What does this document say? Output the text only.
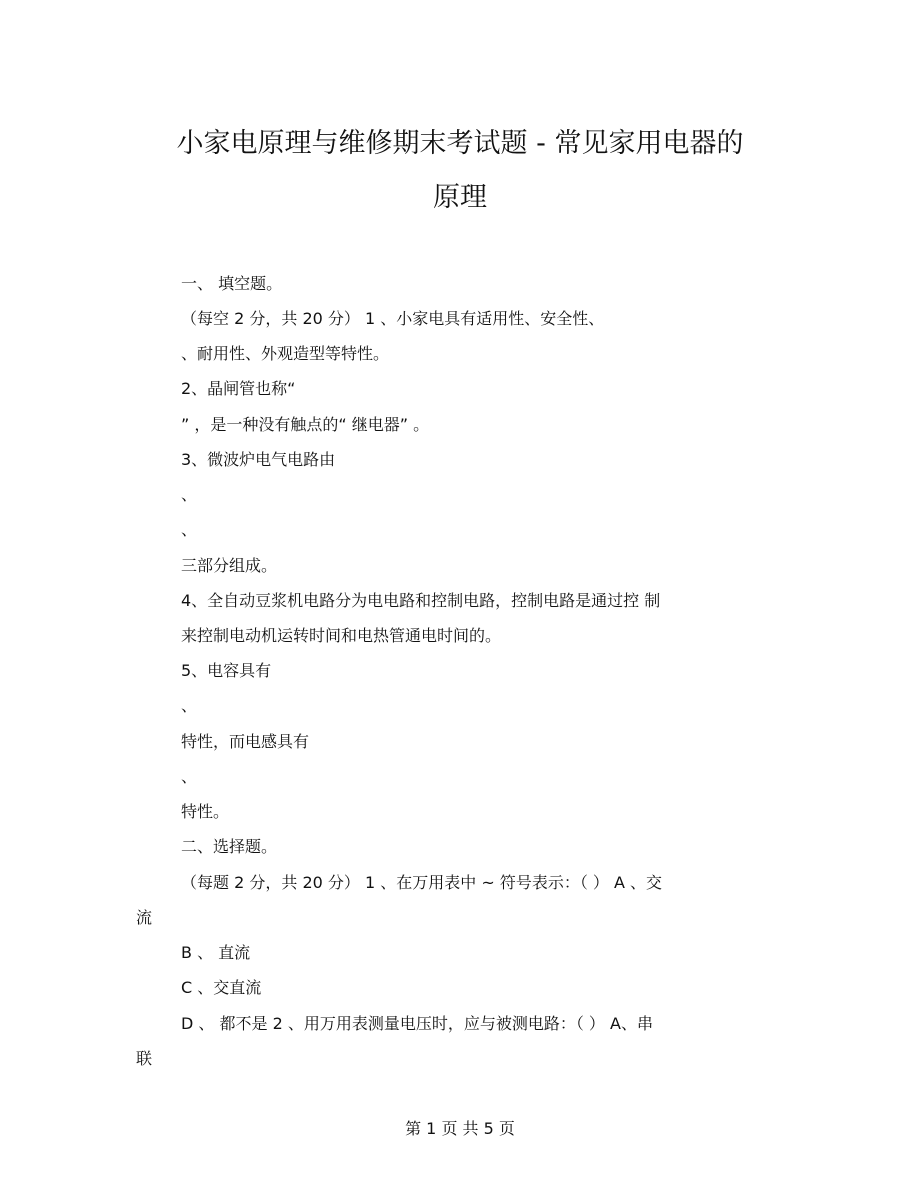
小家电原理与维修期末考试题 - 常见家用电器的
原理
一、 填空题。
（每空 2 分，共 20 分） 1 、小家电具有适用性、安全性、
、耐用性、外观造型等特性。
2、晶闸管也称“
” ，是一种没有触点的“ 继电器” 。
3、微波炉电气电路由
、
、
三部分组成。
4、全自动豆浆机电路分为电电路和控制电路，控制电路是通过控 制
来控制电动机运转时间和电热管通电时间的。
5、电容具有
、
特性，而电感具有
、
特性。
二、选择题。
（每题 2 分，共 20 分） 1 、在万用表中 ~ 符号表示：（ ） A 、交
流
B 、 直流
C 、交直流
D 、 都不是 2 、用万用表测量电压时，应与被测电路：（ ） A、串
联
第 1 页 共 5 页
